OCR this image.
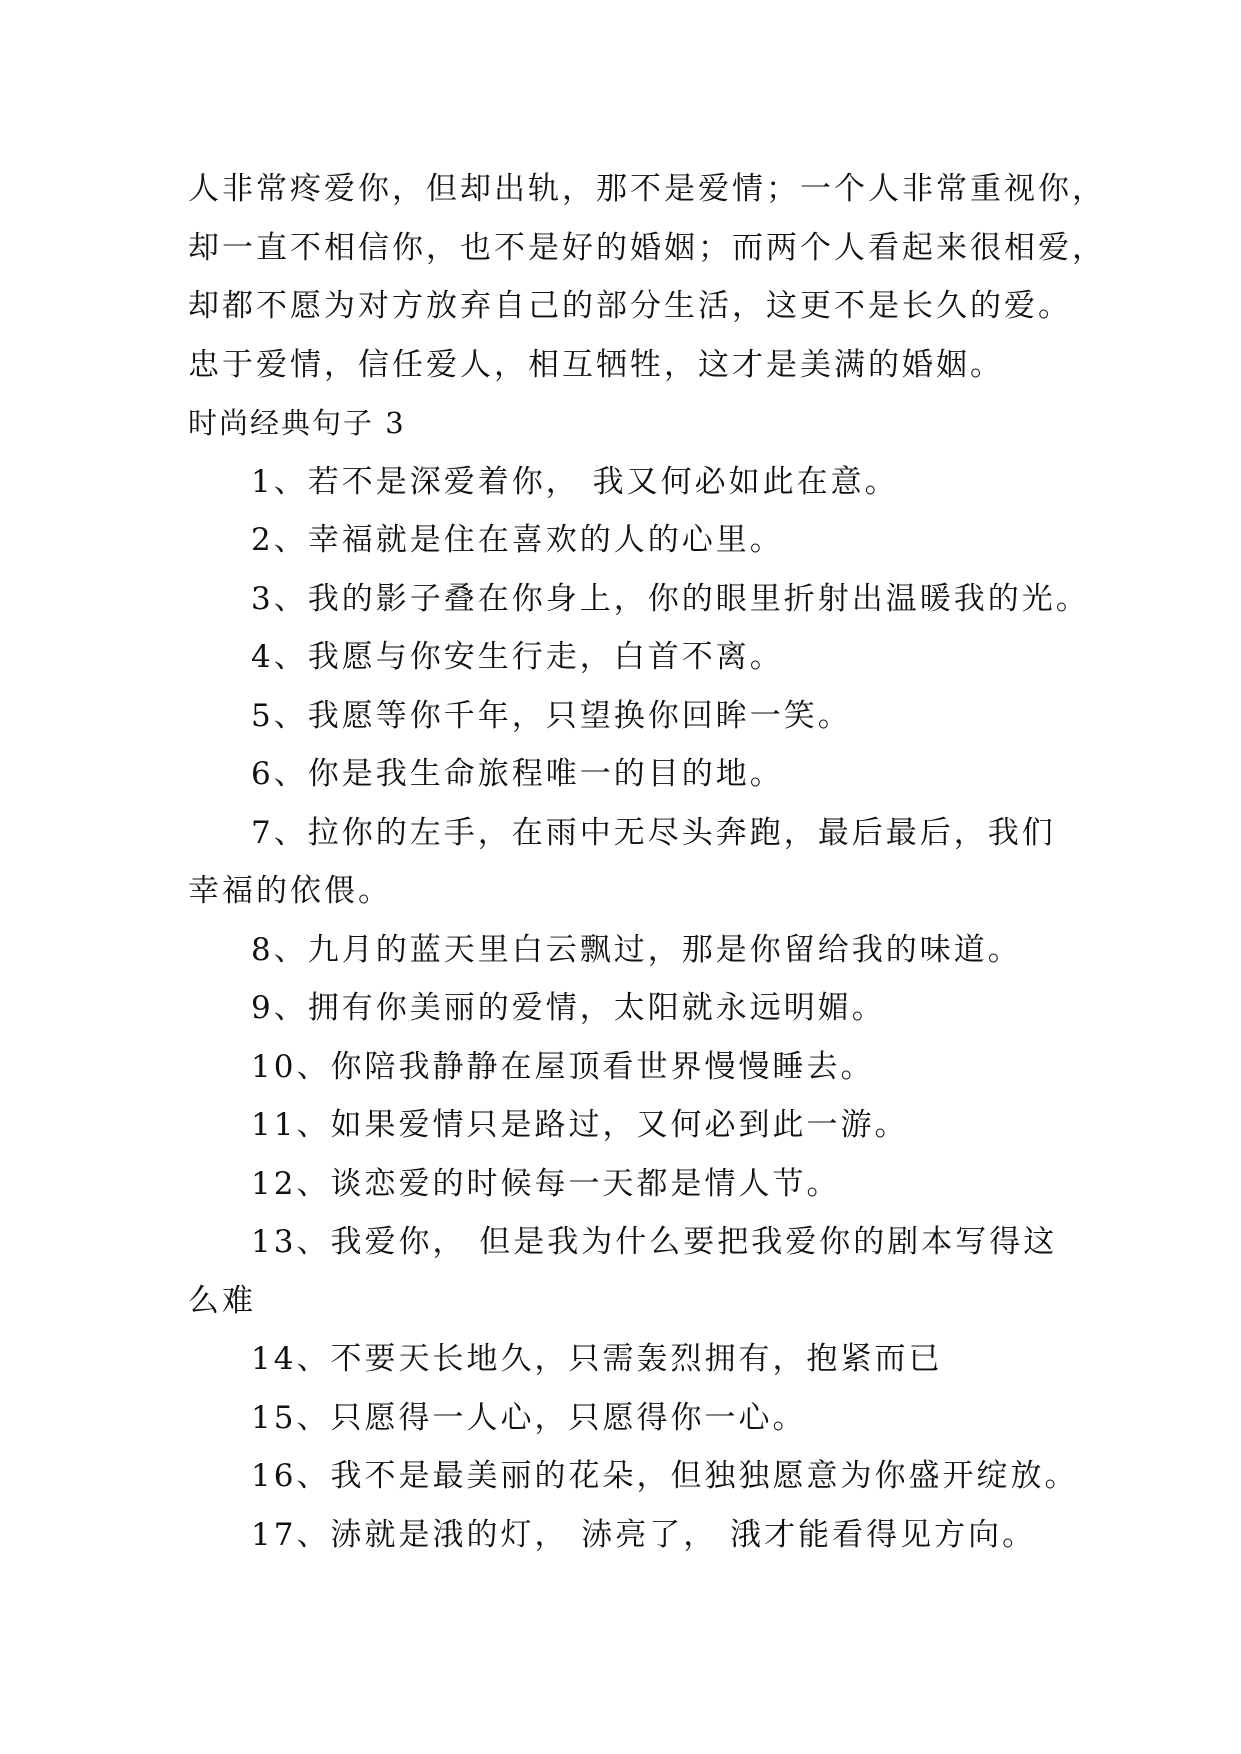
人非常疼爱你，但却出轨，那不是爱情；一个人非常重视你，
却一直不相信你，也不是好的婚姻；而两个人看起来很相爱，
却都不愿为对方放弃自己的部分生活，这更不是长久的爱。
忠于爱情，信任爱人，相互牺牲，这才是美满的婚姻。
时尚经典句子 3
1、若不是深爱着你， 我又何必如此在意。
2、幸福就是住在喜欢的人的心里。
3、我的影子叠在你身上，你的眼里折射出温暖我的光。
4、我愿与你安生行走，白首不离。
5、我愿等你千年，只望换你回眸一笑。
6、你是我生命旅程唯一的目的地。
7、拉你的左手，在雨中无尽头奔跑，最后最后，我们
幸福的依偎。
8、九月的蓝天里白云飘过，那是你留给我的味道。
9、拥有你美丽的爱情，太阳就永远明媚。
10、你陪我静静在屋顶看世界慢慢睡去。
11、如果爱情只是路过，又何必到此一游。
12、谈恋爱的时候每一天都是情人节。
13、我爱你， 但是我为什么要把我爱你的剧本写得这
么难
14、不要天长地久，只需轰烈拥有，抱紧而已
15、只愿得一人心，只愿得你一心。
16、我不是最美丽的花朵，但独独愿意为你盛开绽放。
17、浾就是涐的灯， 浾亮了， 涐才能看得见方向。
